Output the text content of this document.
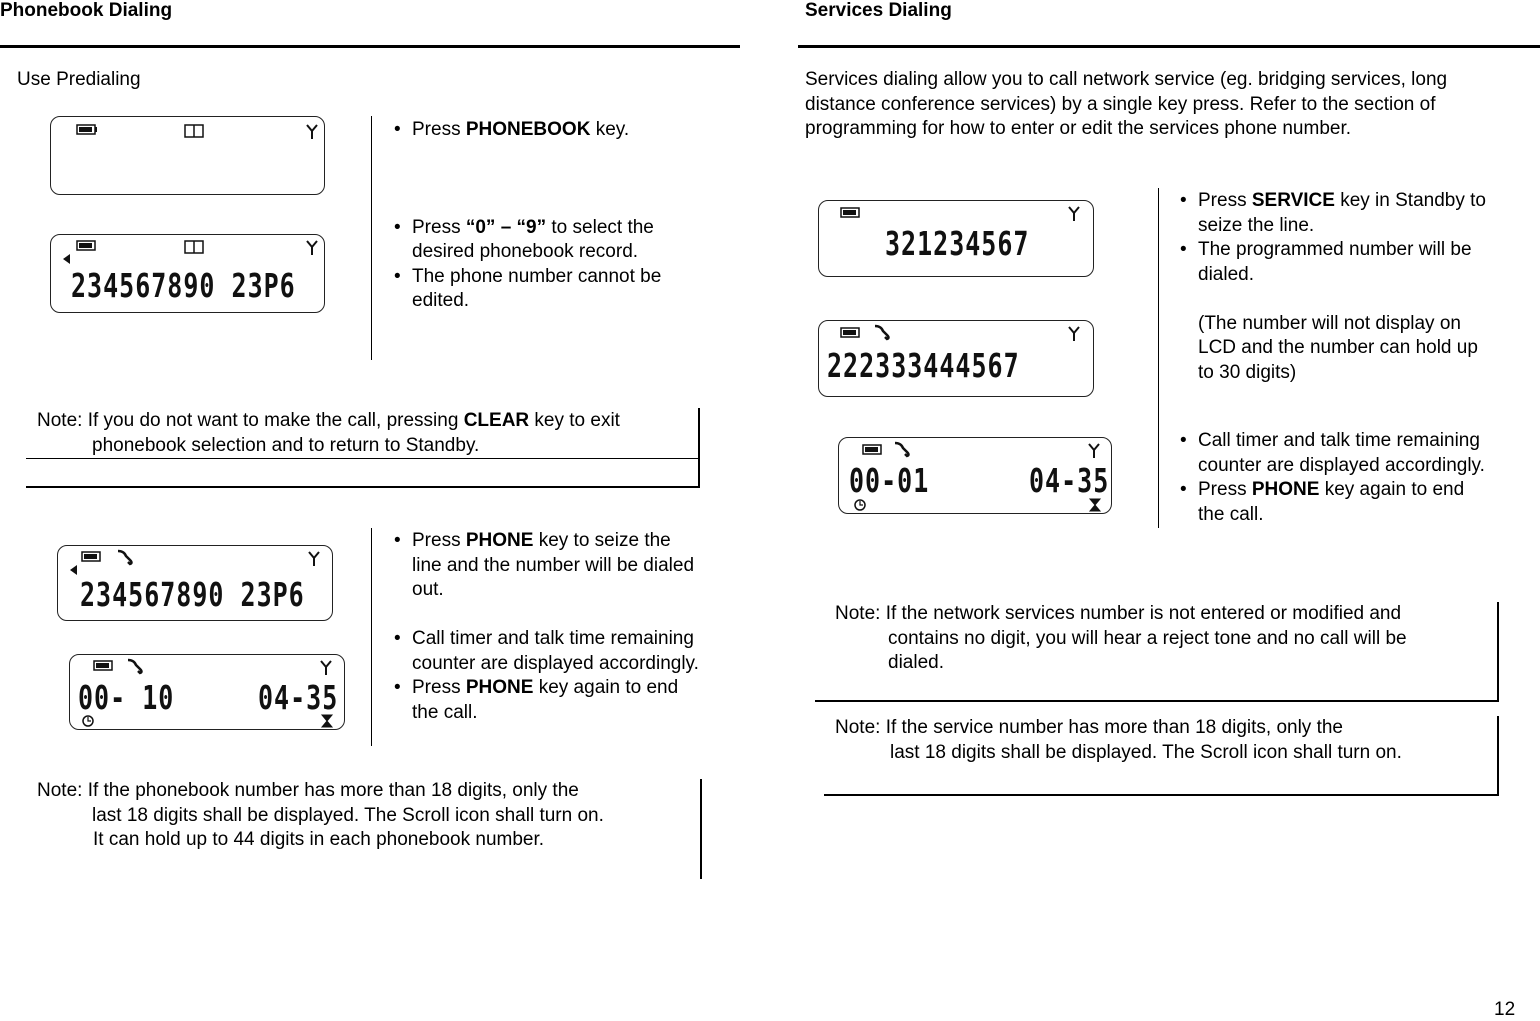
Phonebook Dialing
Use Predialing
234567890 23P6
• Press PHONEBOOK key.
• Press “0” – “9” to select the
desired phonebook record.
• The phone number cannot be
edited.
Note: If you do not want to make the call, pressing CLEAR key to exit
phonebook selection and to return to Standby.
234567890 23P6
00- 10	04-35
• Press PHONE key to seize the
line and the number will be dialed
out.
• Call timer and talk time remaining
counter are displayed accordingly.
• Press PHONE key again to end
the call.
Note: If the phonebook number has more than 18 digits, only the
last 18 digits shall be displayed. The Scroll icon shall turn on.
It can hold up to 44 digits in each phonebook number.
Services Dialing
Services dialing allow you to call network service (eg. bridging services, long
distance conference services) by a single key press. Refer to the section of
programming for how to enter or edit the services phone number.
321234567
222333444567
00-01	04-35
• Press SERVICE key in Standby to
seize the line.
• The programmed number will be
dialed.
(The number will not display on
LCD and the number can hold up
to 30 digits)
• Call timer and talk time remaining
counter are displayed accordingly.
• Press PHONE key again to end
the call.
Note: If the network services number is not entered or modified and
contains no digit, you will hear a reject tone and no call will be
dialed.
Note: If the service number has more than 18 digits, only the
last 18 digits shall be displayed. The Scroll icon shall turn on.
12
